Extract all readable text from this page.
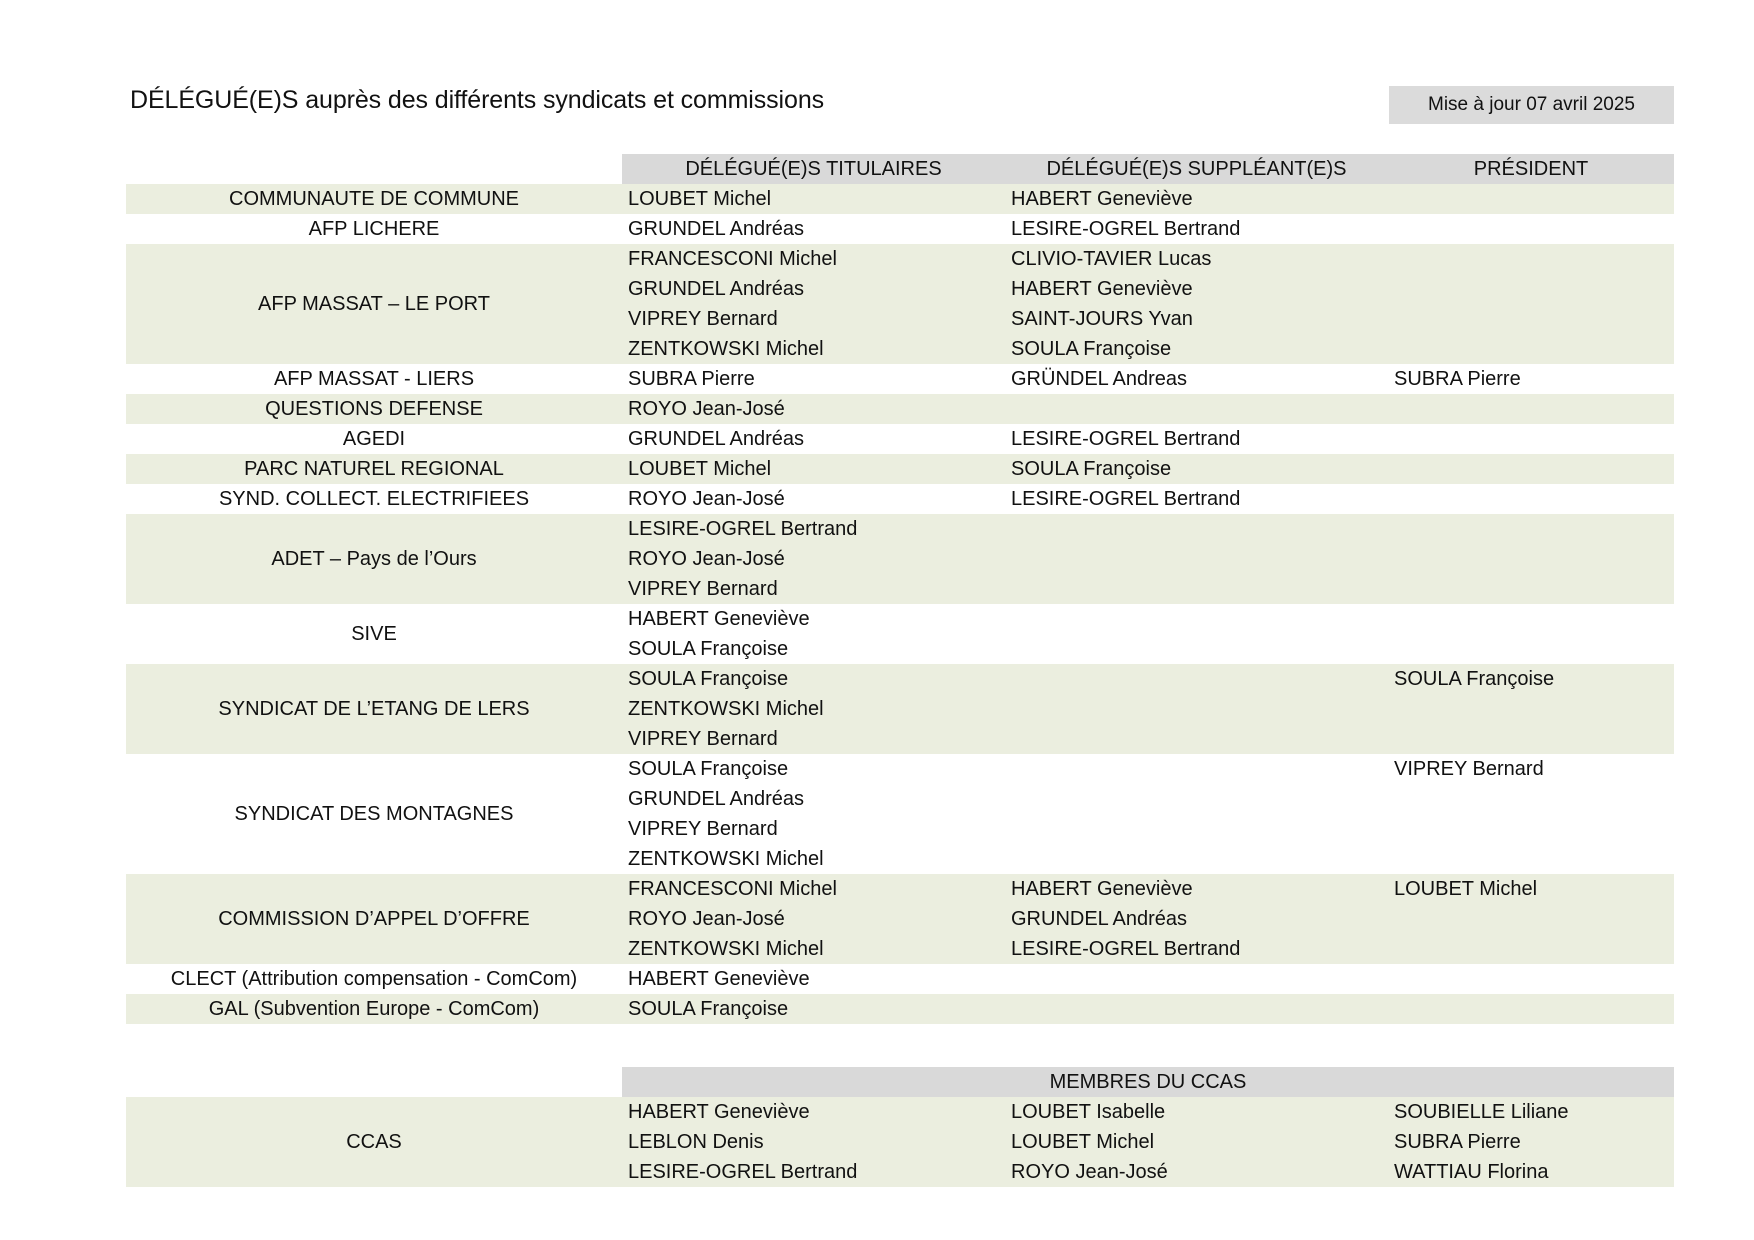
DÉLÉGUÉ(E)S auprès des différents syndicats et commissions	Mise à jour 07 avril 2025
	DÉLÉGUÉ(E)S TITULAIRES	DÉLÉGUÉ(E)S SUPPLÉANT(E)S	PRÉSIDENT
COMMUNAUTE DE COMMUNE	LOUBET Michel	HABERT Geneviève	
AFP LICHERE	GRUNDEL Andréas	LESIRE-OGREL Bertrand	
AFP MASSAT – LE PORT	FRANCESCONI Michel	CLIVIO-TAVIER Lucas	
	GRUNDEL Andréas	HABERT Geneviève	
	VIPREY Bernard	SAINT-JOURS Yvan	
	ZENTKOWSKI Michel	SOULA Françoise	
AFP MASSAT - LIERS	SUBRA Pierre	GRÜNDEL Andreas	SUBRA Pierre
QUESTIONS DEFENSE	ROYO Jean-José		
AGEDI	GRUNDEL Andréas	LESIRE-OGREL Bertrand	
PARC NATUREL REGIONAL	LOUBET Michel	SOULA Françoise	
SYND. COLLECT. ELECTRIFIEES	ROYO Jean-José	LESIRE-OGREL Bertrand	
ADET – Pays de l’Ours	LESIRE-OGREL Bertrand		
	ROYO Jean-José		
	VIPREY Bernard		
SIVE	HABERT Geneviève		
	SOULA Françoise		
SYNDICAT DE L’ETANG DE LERS	SOULA Françoise		SOULA Françoise
	ZENTKOWSKI Michel		
	VIPREY Bernard		
SYNDICAT DES MONTAGNES	SOULA Françoise		VIPREY Bernard
	GRUNDEL Andréas		
	VIPREY Bernard		
	ZENTKOWSKI Michel		
COMMISSION D’APPEL D’OFFRE	FRANCESCONI Michel	HABERT Geneviève	LOUBET Michel
	ROYO Jean-José	GRUNDEL Andréas	
	ZENTKOWSKI Michel	LESIRE-OGREL Bertrand	
CLECT (Attribution compensation - ComCom)	HABERT Geneviève		
GAL (Subvention Europe - ComCom)	SOULA Françoise		
	MEMBRES DU CCAS		
CCAS	HABERT Geneviève	LOUBET Isabelle	SOUBIELLE Liliane
	LEBLON Denis	LOUBET Michel	SUBRA Pierre
	LESIRE-OGREL Bertrand	ROYO Jean-José	WATTIAU Florina
